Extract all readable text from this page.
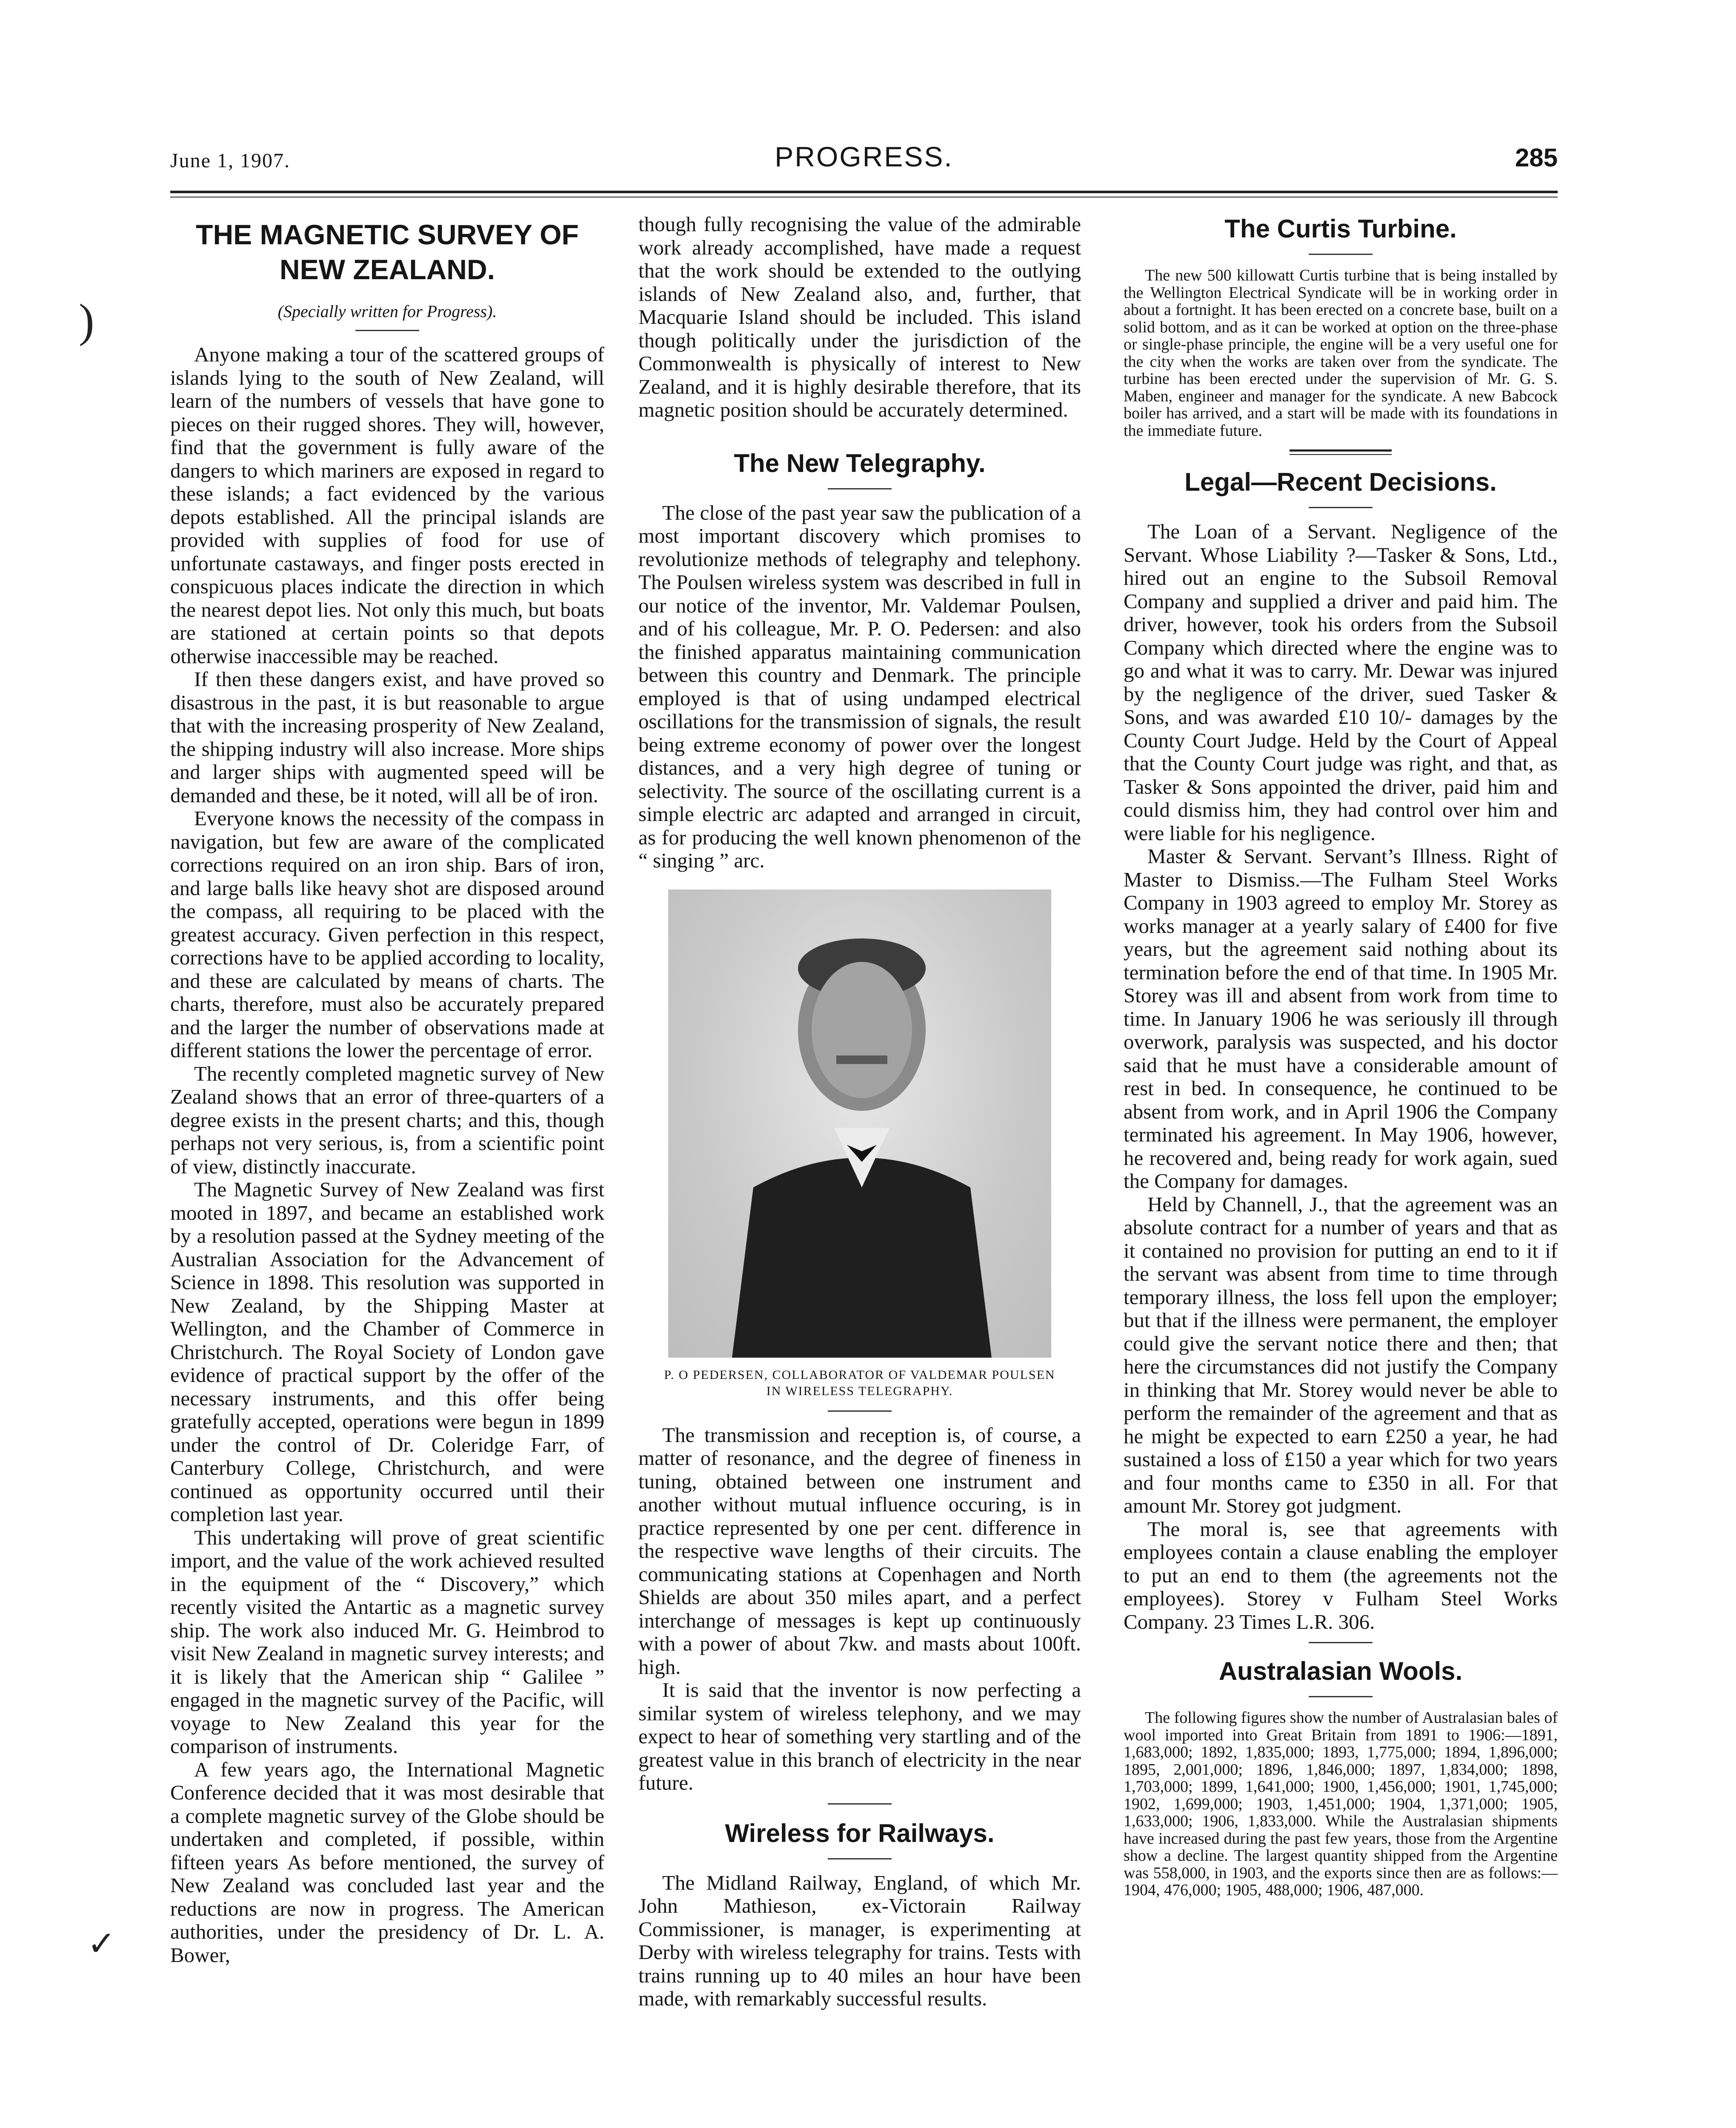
June 1, 1907.	PROGRESS.	285
)
✓
THE MAGNETIC SURVEY OF NEW ZEALAND.
(Specially written for Progress).

Anyone making a tour of the scattered groups of islands lying to the south of New Zealand, will learn of the numbers of vessels that have gone to pieces on their rugged shores. They will, however, find that the government is fully aware of the dangers to which mariners are exposed in regard to these islands; a fact evidenced by the various depots established. All the principal islands are provided with supplies of food for use of unfortunate castaways, and finger posts erected in conspicuous places indicate the direction in which the nearest depot lies. Not only this much, but boats are stationed at certain points so that depots otherwise inaccessible may be reached.

If then these dangers exist, and have proved so disastrous in the past, it is but reasonable to argue that with the increasing prosperity of New Zealand, the shipping industry will also increase. More ships and larger ships with augmented speed will be demanded and these, be it noted, will all be of iron.

Everyone knows the necessity of the compass in navigation, but few are aware of the complicated corrections required on an iron ship. Bars of iron, and large balls like heavy shot are disposed around the compass, all requiring to be placed with the greatest accuracy. Given perfection in this respect, corrections have to be applied according to locality, and these are calculated by means of charts. The charts, therefore, must also be accurately prepared and the larger the number of observations made at different stations the lower the percentage of error.

The recently completed magnetic survey of New Zealand shows that an error of three-quarters of a degree exists in the present charts; and this, though perhaps not very serious, is, from a scientific point of view, distinctly inaccurate.

The Magnetic Survey of New Zealand was first mooted in 1897, and became an established work by a resolution passed at the Sydney meeting of the Australian Association for the Advancement of Science in 1898. This resolution was supported in New Zealand, by the Shipping Master at Wellington, and the Chamber of Commerce in Christchurch. The Royal Society of London gave evidence of practical support by the offer of the necessary instruments, and this offer being gratefully accepted, operations were begun in 1899 under the control of Dr. Coleridge Farr, of Canterbury College, Christchurch, and were continued as opportunity occurred until their completion last year.

This undertaking will prove of great scientific import, and the value of the work achieved resulted in the equipment of the “ Discovery,” which recently visited the Antartic as a magnetic survey ship. The work also induced Mr. G. Heimbrod to visit New Zealand in magnetic survey interests; and it is likely that the American ship “ Galilee ” engaged in the magnetic survey of the Pacific, will voyage to New Zealand this year for the comparison of instruments.

A few years ago, the International Magnetic Conference decided that it was most desirable that a complete magnetic survey of the Globe should be undertaken and completed, if possible, within fifteen years As before mentioned, the survey of New Zealand was concluded last year and the reductions are now in progress. The American authorities, under the presidency of Dr. L. A. Bower,

though fully recognising the value of the admirable work already accomplished, have made a request that the work should be extended to the outlying islands of New Zealand also, and, further, that Macquarie Island should be included. This island though politically under the jurisdiction of the Commonwealth is physically of interest to New Zealand, and it is highly desirable therefore, that its magnetic position should be accurately determined.

The New Telegraphy.

The close of the past year saw the publication of a most important discovery which promises to revolutionize methods of telegraphy and telephony. The Poulsen wireless system was described in full in our notice of the inventor, Mr. Valdemar Poulsen, and of his colleague, Mr. P. O. Pedersen: and also the finished apparatus maintaining communication between this country and Denmark. The principle employed is that of using undamped electrical oscillations for the transmission of signals, the result being extreme economy of power over the longest distances, and a very high degree of tuning or selectivity. The source of the oscillating current is a simple electric arc adapted and arranged in circuit, as for producing the well known phenomenon of the “ singing ” arc.

P. O PEDERSEN, COLLABORATOR OF VALDEMAR POULSEN IN WIRELESS TELEGRAPHY.

The transmission and reception is, of course, a matter of resonance, and the degree of fineness in tuning, obtained between one instrument and another without mutual influence occuring, is in practice represented by one per cent. difference in the respective wave lengths of their circuits. The communicating stations at Copenhagen and North Shields are about 350 miles apart, and a perfect interchange of messages is kept up continuously with a power of about 7kw. and masts about 100ft. high.

It is said that the inventor is now perfecting a similar system of wireless telephony, and we may expect to hear of something very startling and of the greatest value in this branch of electricity in the near future.

Wireless for Railways.

The Midland Railway, England, of which Mr. John Mathieson, ex-Victorain Railway Commissioner, is manager, is experimenting at Derby with wireless telegraphy for trains. Tests with trains running up to 40 miles an hour have been made, with remarkably successful results.

The Curtis Turbine.

The new 500 killowatt Curtis turbine that is being installed by the Wellington Electrical Syndicate will be in working order in about a fortnight. It has been erected on a concrete base, built on a solid bottom, and as it can be worked at option on the three-phase or single-phase principle, the engine will be a very useful one for the city when the works are taken over from the syndicate. The turbine has been erected under the supervision of Mr. G. S. Maben, engineer and manager for the syndicate. A new Babcock boiler has arrived, and a start will be made with its foundations in the immediate future.

Legal—Recent Decisions.

The Loan of a Servant. Negligence of the Servant. Whose Liability ?—Tasker & Sons, Ltd., hired out an engine to the Subsoil Removal Company and supplied a driver and paid him. The driver, however, took his orders from the Subsoil Company which directed where the engine was to go and what it was to carry. Mr. Dewar was injured by the negligence of the driver, sued Tasker & Sons, and was awarded £10 10/- damages by the County Court Judge. Held by the Court of Appeal that the County Court judge was right, and that, as Tasker & Sons appointed the driver, paid him and could dismiss him, they had control over him and were liable for his negligence.

Master & Servant. Servant’s Illness. Right of Master to Dismiss.—The Fulham Steel Works Company in 1903 agreed to employ Mr. Storey as works manager at a yearly salary of £400 for five years, but the agreement said nothing about its termination before the end of that time. In 1905 Mr. Storey was ill and absent from work from time to time. In January 1906 he was seriously ill through overwork, paralysis was suspected, and his doctor said that he must have a considerable amount of rest in bed. In consequence, he continued to be absent from work, and in April 1906 the Company terminated his agreement. In May 1906, however, he recovered and, being ready for work again, sued the Company for damages.

Held by Channell, J., that the agreement was an absolute contract for a number of years and that as it contained no provision for putting an end to it if the servant was absent from time to time through temporary illness, the loss fell upon the employer; but that if the illness were permanent, the employer could give the servant notice there and then; that here the circumstances did not justify the Company in thinking that Mr. Storey would never be able to perform the remainder of the agreement and that as he might be expected to earn £250 a year, he had sustained a loss of £150 a year which for two years and four months came to £350 in all. For that amount Mr. Storey got judgment.

The moral is, see that agreements with employees contain a clause enabling the employer to put an end to them (the agreements not the employees). Storey v Fulham Steel Works Company. 23 Times L.R. 306.

Australasian Wools.

The following figures show the number of Australasian bales of wool imported into Great Britain from 1891 to 1906:—1891, 1,683,000; 1892, 1,835,000; 1893, 1,775,000; 1894, 1,896,000; 1895, 2,001,000; 1896, 1,846,000; 1897, 1,834,000; 1898, 1,703,000; 1899, 1,641,000; 1900, 1,456,000; 1901, 1,745,000; 1902, 1,699,000; 1903, 1,451,000; 1904, 1,371,000; 1905, 1,633,000; 1906, 1,833,000. While the Australasian shipments have increased during the past few years, those from the Argentine show a decline. The largest quantity shipped from the Argentine was 558,000, in 1903, and the exports since then are as follows:—1904, 476,000; 1905, 488,000; 1906, 487,000.
